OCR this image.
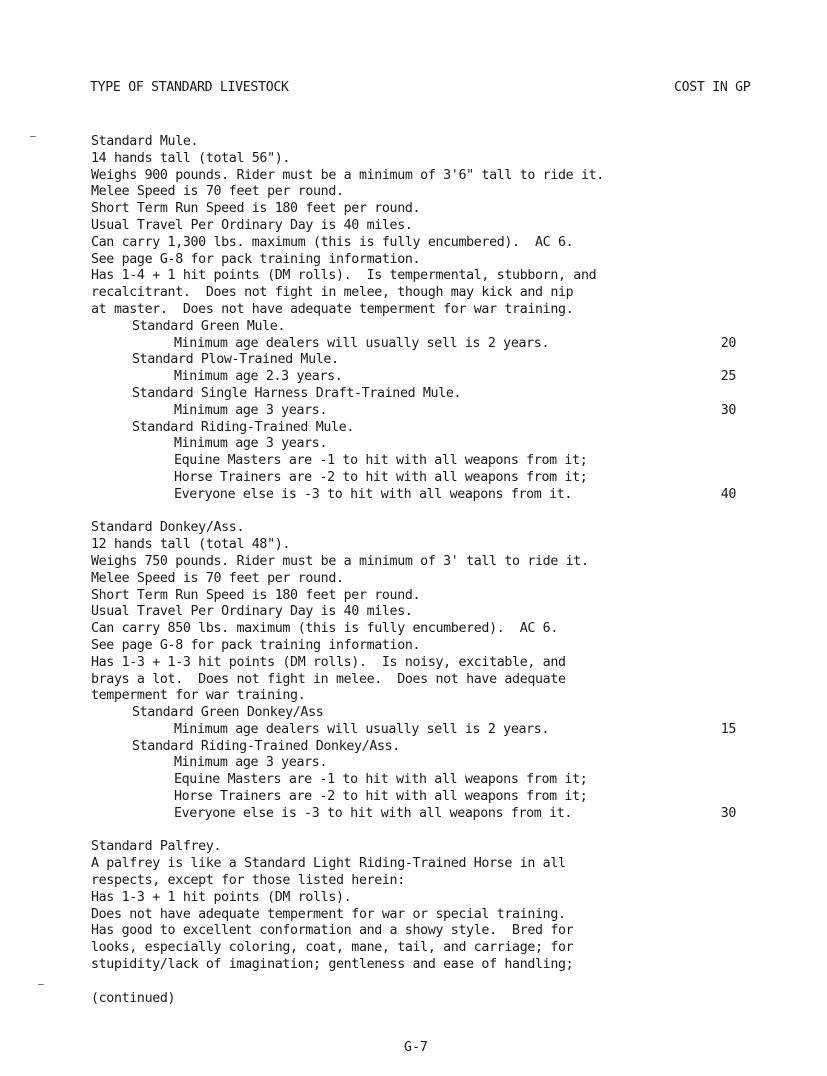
TYPE OF STANDARD LIVESTOCK	COST IN GP
Standard Mule.
14 hands tall (total 56").
Weighs 900 pounds. Rider must be a minimum of 3'6" tall to ride it.
Melee Speed is 70 feet per round.
Short Term Run Speed is 180 feet per round.
Usual Travel Per Ordinary Day is 40 miles.
Can carry 1,300 lbs. maximum (this is fully encumbered).  AC 6.
See page G-8 for pack training information.
Has 1-4 + 1 hit points (DM rolls).  Is tempermental, stubborn, and
recalcitrant.  Does not fight in melee, though may kick and nip
at master.  Does not have adequate temperment for war training.
Standard Green Mule.
Minimum age dealers will usually sell is 2 years.	20
Standard Plow-Trained Mule.
Minimum age 2.3 years.	25
Standard Single Harness Draft-Trained Mule.
Minimum age 3 years.	30
Standard Riding-Trained Mule.
Minimum age 3 years.
Equine Masters are -1 to hit with all weapons from it;
Horse Trainers are -2 to hit with all weapons from it;
Everyone else is -3 to hit with all weapons from it.	40
Standard Donkey/Ass.
12 hands tall (total 48").
Weighs 750 pounds. Rider must be a minimum of 3' tall to ride it.
Melee Speed is 70 feet per round.
Short Term Run Speed is 180 feet per round.
Usual Travel Per Ordinary Day is 40 miles.
Can carry 850 lbs. maximum (this is fully encumbered).  AC 6.
See page G-8 for pack training information.
Has 1-3 + 1-3 hit points (DM rolls).  Is noisy, excitable, and
brays a lot.  Does not fight in melee.  Does not have adequate
temperment for war training.
Standard Green Donkey/Ass
Minimum age dealers will usually sell is 2 years.	15
Standard Riding-Trained Donkey/Ass.
Minimum age 3 years.
Equine Masters are -1 to hit with all weapons from it;
Horse Trainers are -2 to hit with all weapons from it;
Everyone else is -3 to hit with all weapons from it.	30
Standard Palfrey.
A palfrey is like a Standard Light Riding-Trained Horse in all
respects, except for those listed herein:
Has 1-3 + 1 hit points (DM rolls).
Does not have adequate temperment for war or special training.
Has good to excellent conformation and a showy style.  Bred for
looks, especially coloring, coat, mane, tail, and carriage; for
stupidity/lack of imagination; gentleness and ease of handling;
(continued)
G-7
